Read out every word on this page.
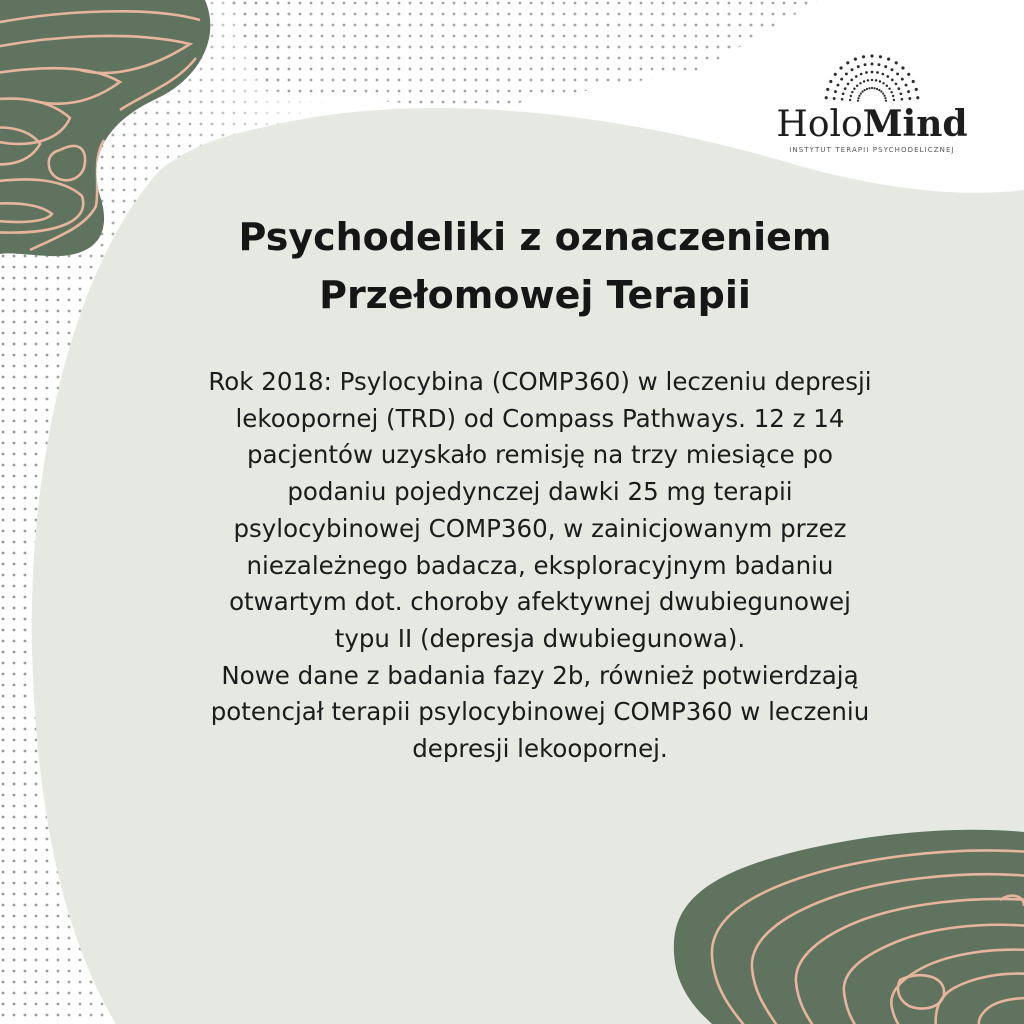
HoloMind
INSTYTUT TERAPII PSYCHODELICZNEJ
Psychodeliki z oznaczeniem
Przełomowej Terapii
Rok 2018: Psylocybina (COMP360) w leczeniu depresji
lekoopornej (TRD) od Compass Pathways. 12 z 14
pacjentów uzyskało remisję na trzy miesiące po
podaniu pojedynczej dawki 25 mg terapii
psylocybinowej COMP360, w zainicjowanym przez
niezależnego badacza, eksploracyjnym badaniu
otwartym dot. choroby afektywnej dwubiegunowej
typu II (depresja dwubiegunowa).
Nowe dane z badania fazy 2b, również potwierdzają
potencjał terapii psylocybinowej COMP360 w leczeniu
depresji lekoopornej.
